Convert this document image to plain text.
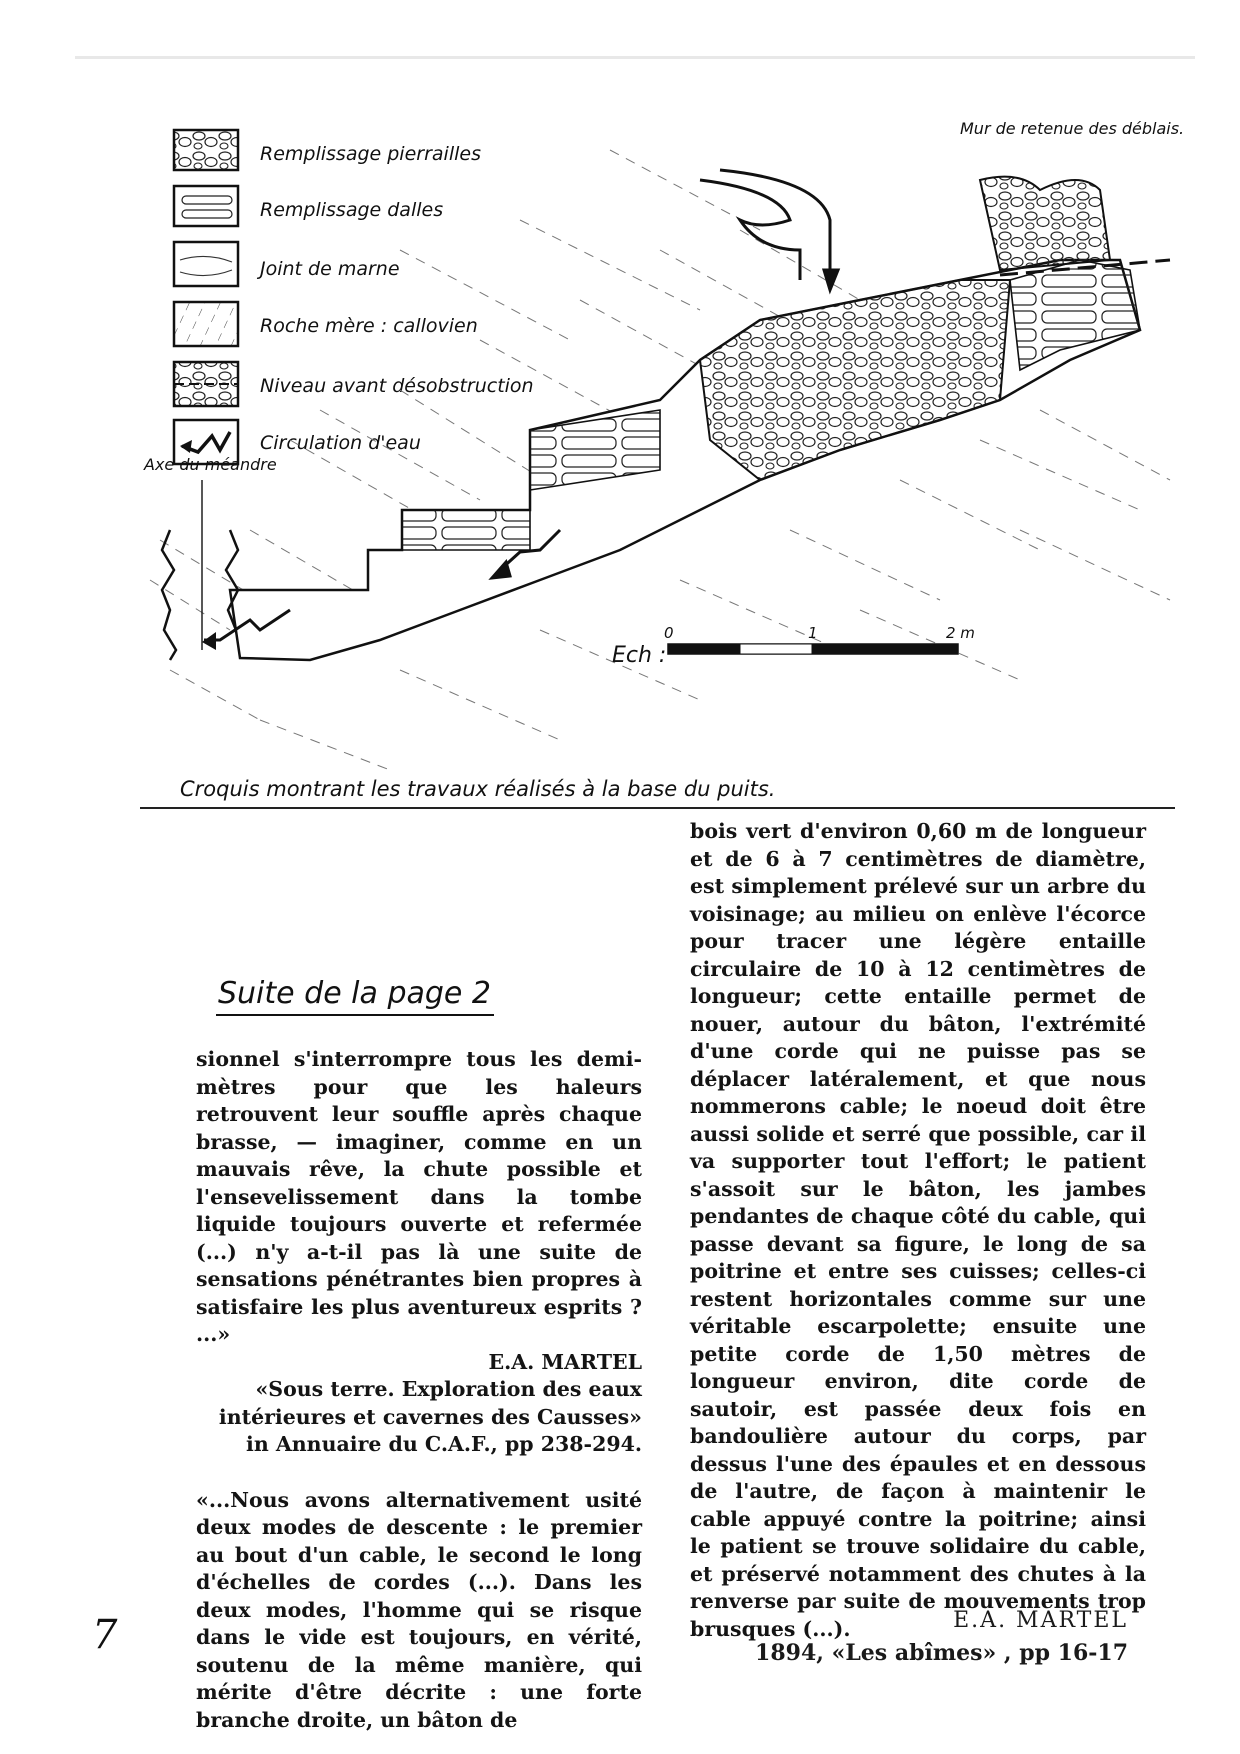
Remplissage pierrailles
Remplissage dalles
Joint de marne
Roche mère : callovien
Niveau avant désobstruction
Circulation d'eau
Ech :
0	1	2 m
Axe du méandre
Mur de retenue des déblais.
Croquis montrant les travaux réalisés à la base du puits.
Suite de la page 2

sionnel s'interrompre tous les demi-mètres pour que les haleurs retrouvent leur souffle après chaque brasse, — imaginer, comme en un mauvais rêve, la chute possible et l'ensevelissement dans la tombe liquide toujours ouverte et refermée (...) n'y a-t-il pas là une suite de sensations pénétrantes bien propres à satisfaire les plus aventureux esprits ? ...»

E.A. MARTEL

«Sous terre. Exploration des eaux intérieures et cavernes des Causses»

in Annuaire du C.A.F., pp 238-294.

«...Nous avons alternativement usité deux modes de descente : le premier au bout d'un cable, le second le long d'échelles de cordes (...). Dans les deux modes, l'homme qui se risque dans le vide est toujours, en vérité, soutenu de la même manière, qui mérite d'être décrite : une forte branche droite, un bâton de

bois vert d'environ 0,60 m de longueur et de 6 à 7 centimètres de diamètre, est simplement prélevé sur un arbre du voisinage; au milieu on enlève l'écorce pour tracer une légère entaille circulaire de 10 à 12 centimètres de longueur; cette entaille permet de nouer, autour du bâton, l'extrémité d'une corde qui ne puisse pas se déplacer latéralement, et que nous nommerons cable; le noeud doit être aussi solide et serré que possible, car il va supporter tout l'effort; le patient s'assoit sur le bâton, les jambes pendantes de chaque côté du cable, qui passe devant sa figure, le long de sa poitrine et entre ses cuisses; celles-ci restent horizontales comme sur une véritable escarpolette; ensuite une petite corde de 1,50 mètres de longueur environ, dite corde de sautoir, est passée deux fois en bandoulière autour du corps, par dessus l'une des épaules et en dessous de l'autre, de façon à maintenir le cable appuyé contre la poitrine; ainsi le patient se trouve solidaire du cable, et préservé notamment des chutes à la renverse par suite de mouvements trop brusques (...).	E.A. MARTEL
1894, «Les abîmes» , pp 16-17
7
